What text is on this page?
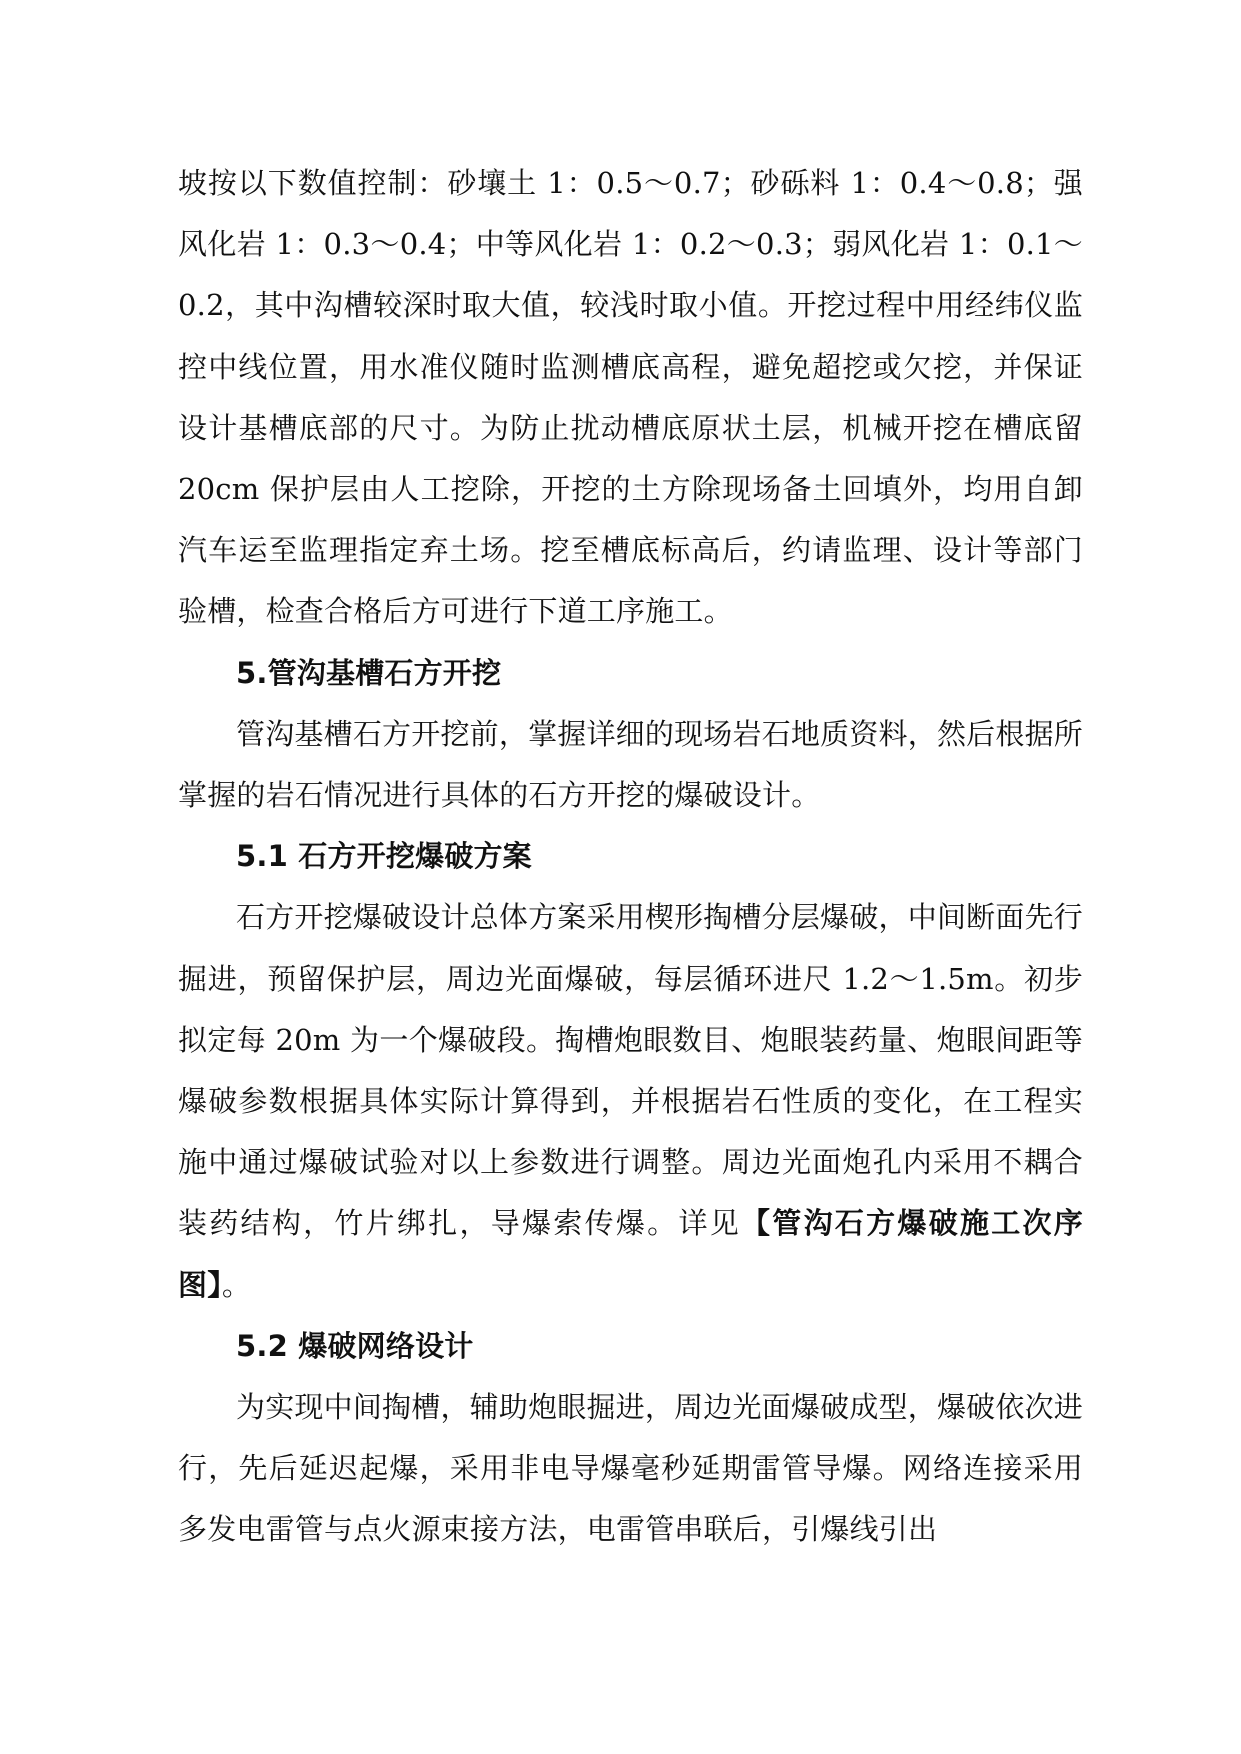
坡按以下数值控制：砂壤土 1：0.5～0.7；砂砾料 1：0.4～0.8；强风化岩 1：0.3～0.4；中等风化岩 1：0.2～0.3；弱风化岩 1：0.1～0.2，其中沟槽较深时取大值，较浅时取小值。开挖过程中用经纬仪监控中线位置，用水准仪随时监测槽底高程，避免超挖或欠挖，并保证设计基槽底部的尺寸。为防止扰动槽底原状土层，机械开挖在槽底留 20cm 保护层由人工挖除，开挖的土方除现场备土回填外，均用自卸汽车运至监理指定弃土场。挖至槽底标高后，约请监理、设计等部门验槽，检查合格后方可进行下道工序施工。

5.管沟基槽石方开挖

管沟基槽石方开挖前，掌握详细的现场岩石地质资料，然后根据所掌握的岩石情况进行具体的石方开挖的爆破设计。

5.1 石方开挖爆破方案

石方开挖爆破设计总体方案采用楔形掏槽分层爆破，中间断面先行掘进，预留保护层，周边光面爆破，每层循环进尺 1.2～1.5m。初步拟定每 20m 为一个爆破段。掏槽炮眼数目、炮眼装药量、炮眼间距等爆破参数根据具体实际计算得到，并根据岩石性质的变化，在工程实施中通过爆破试验对以上参数进行调整。周边光面炮孔内采用不耦合装药结构，竹片绑扎，导爆索传爆。详见【管沟石方爆破施工次序图】。

5.2 爆破网络设计

为实现中间掏槽，辅助炮眼掘进，周边光面爆破成型，爆破依次进行，先后延迟起爆，采用非电导爆毫秒延期雷管导爆。网络连接采用多发电雷管与点火源束接方法，电雷管串联后，引爆线引出
